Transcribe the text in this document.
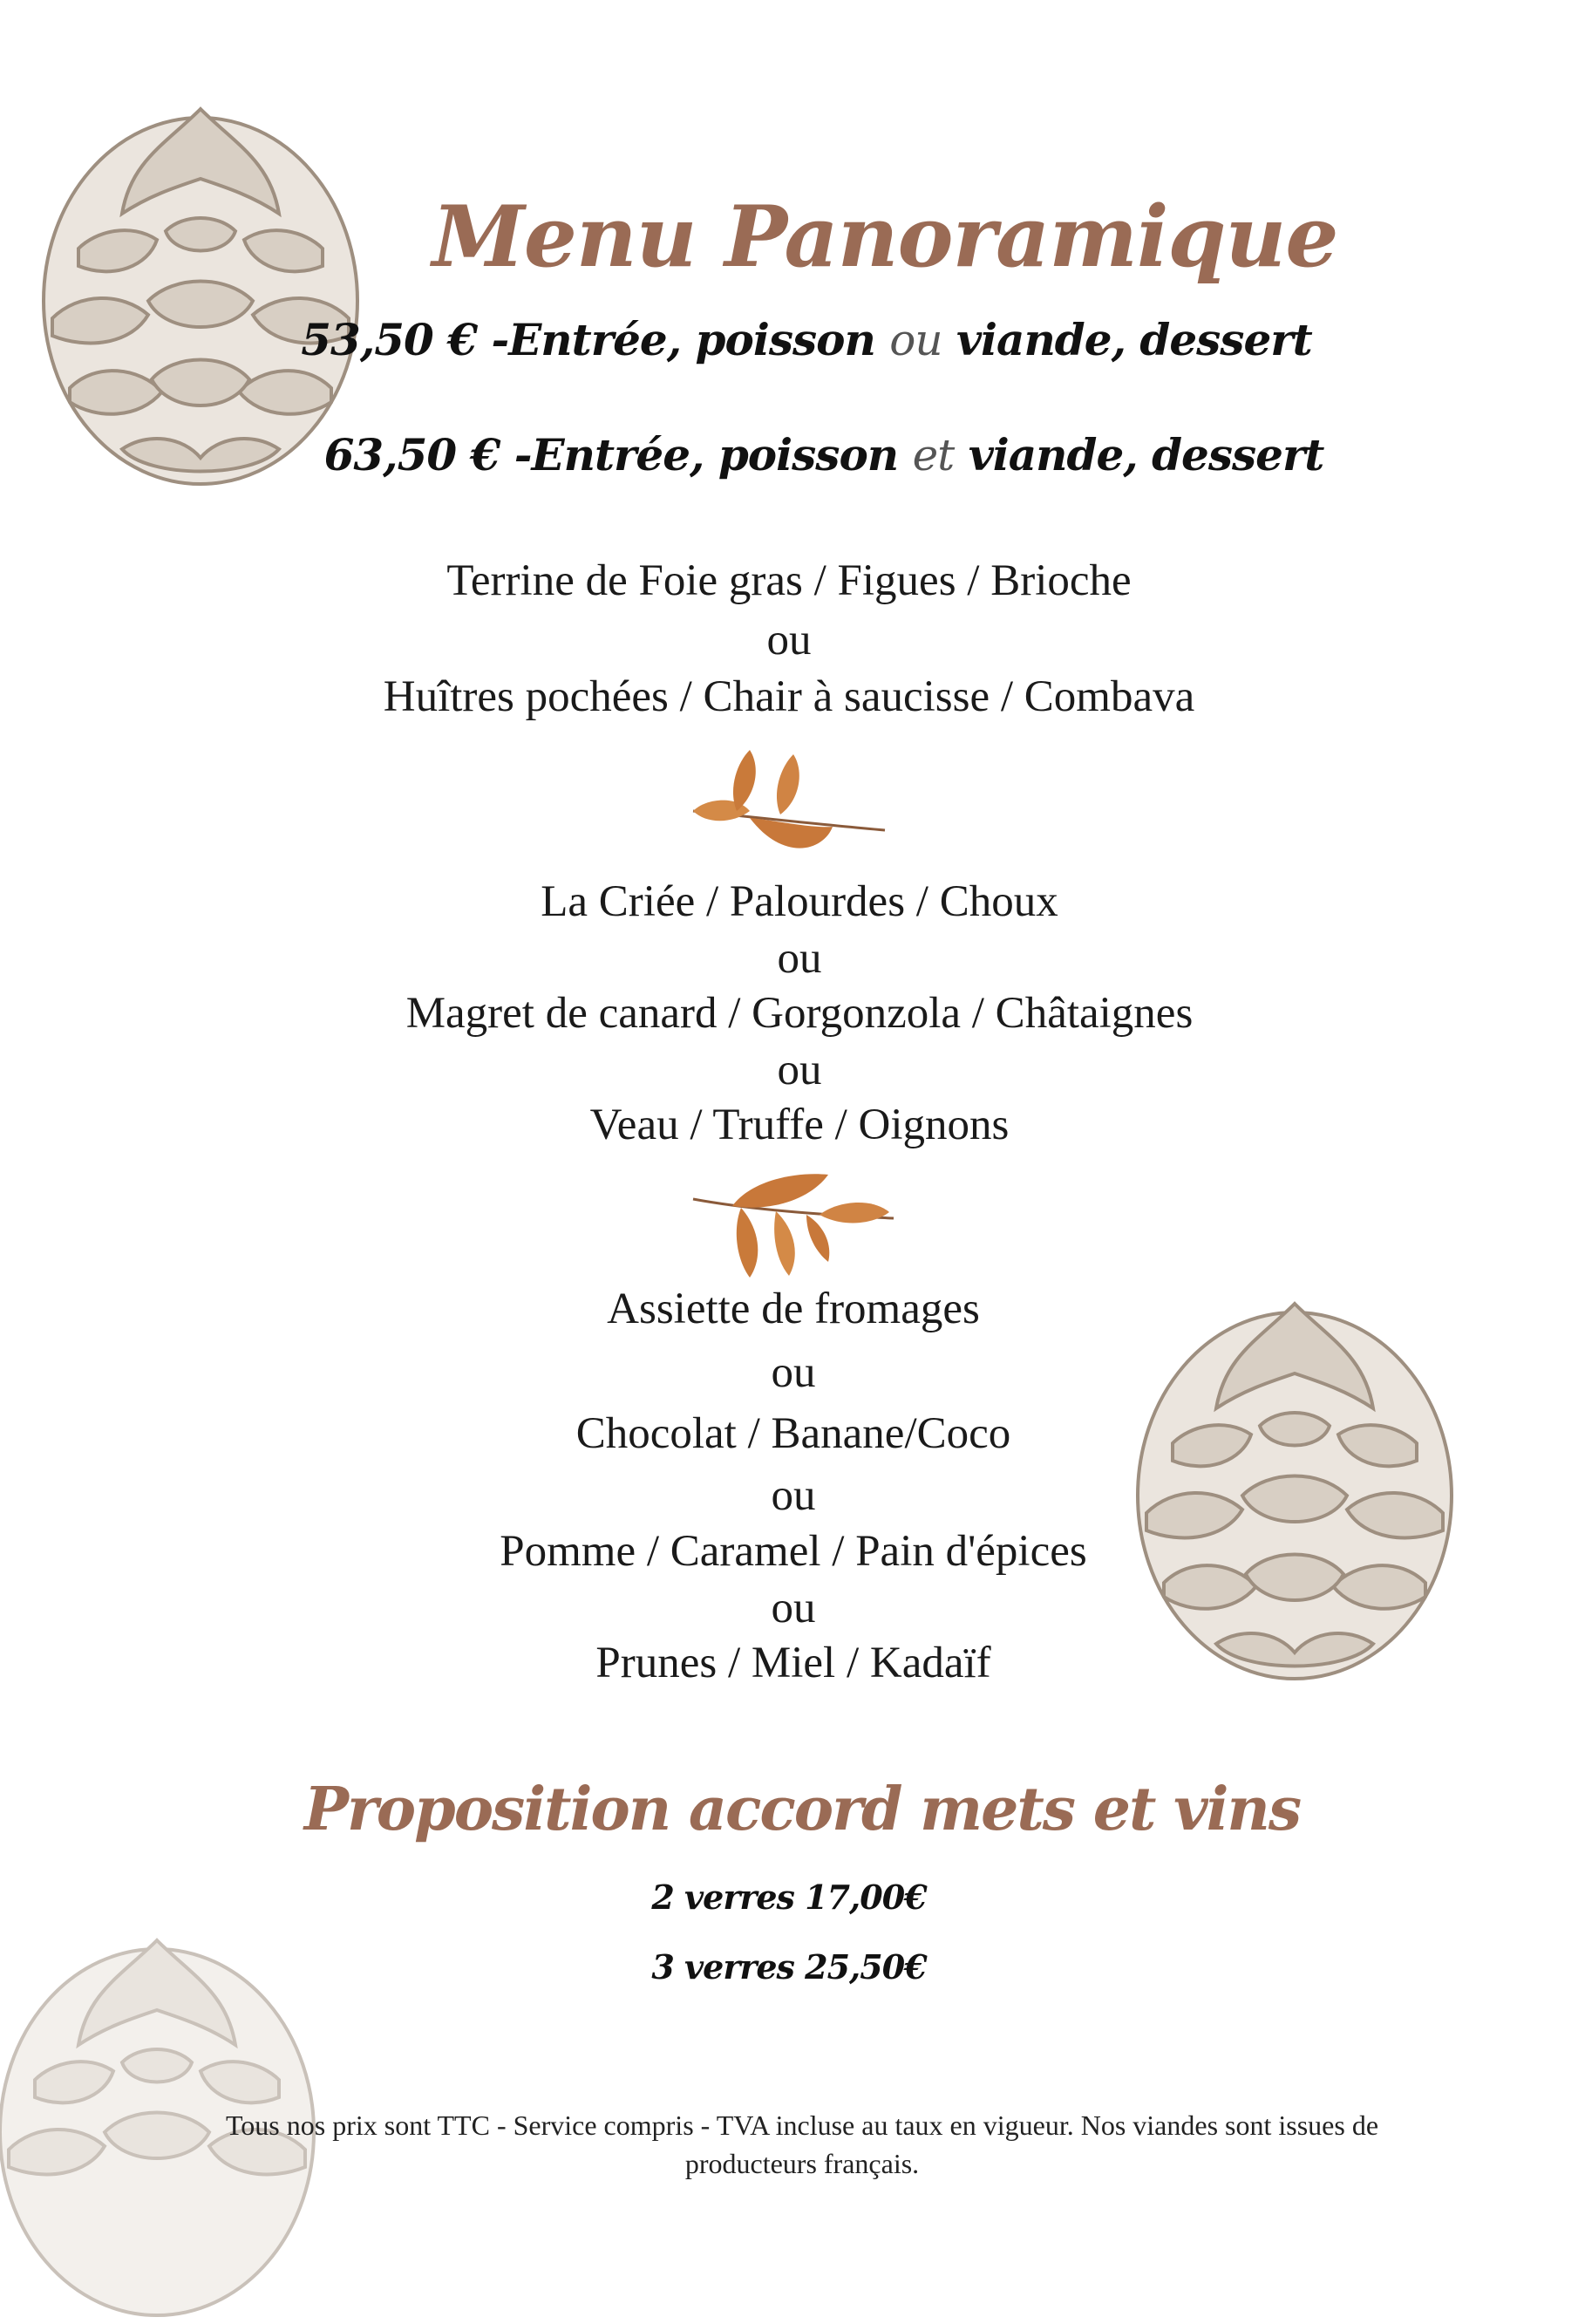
Menu Panoramique
53,50 € -Entrée, poisson ou viande, dessert
63,50 € -Entrée, poisson et viande, dessert
Terrine de Foie gras / Figues / Brioche
ou
Huîtres pochées / Chair à saucisse / Combava
La Criée / Palourdes / Choux
ou
Magret de canard / Gorgonzola / Châtaignes
ou
Veau / Truffe / Oignons
Assiette de fromages
ou
Chocolat / Banane/Coco
ou
Pomme / Caramel / Pain d'épices
ou
Prunes / Miel / Kadaïf
Proposition accord mets et vins
2 verres 17,00€
3 verres 25,50€
Tous nos prix sont TTC - Service compris - TVA incluse au taux en vigueur. Nos viandes sont issues de
producteurs français.
